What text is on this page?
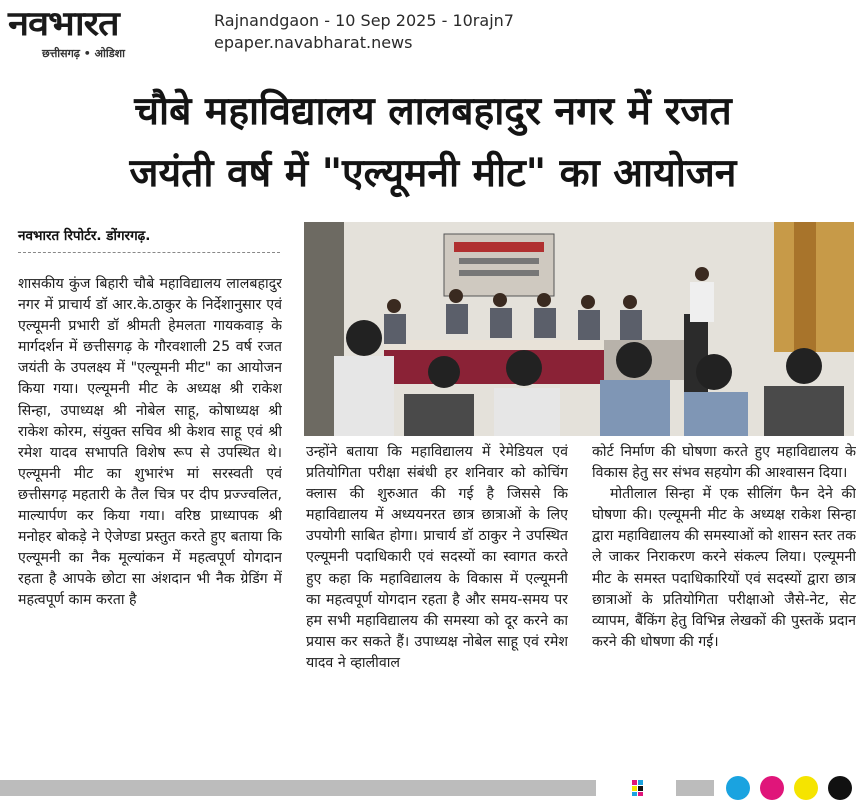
नवभारत
छत्तीसगढ़ • ओडिशा
Rajnandgaon - 10 Sep 2025 - 10rajn7
epaper.navabharat.news
चौबे महाविद्यालय लालबहादुर नगर में रजत
जयंती वर्ष में "एल्यूमनी मीट" का आयोजन
नवभारत रिपोर्टर. डोंगरगढ़.

शासकीय कुंज बिहारी चौबे महाविद्यालय लालबहादुर नगर में प्राचार्य डॉ आर.के.ठाकुर के निर्देशानुसार एवं एल्यूमनी प्रभारी डॉ श्रीमती हेमलता गायकवाड़ के मार्गदर्शन में छत्तीसगढ़ के गौरवशाली 25 वर्ष रजत जयंती के उपलक्ष्य में "एल्यूमनी मीट" का आयोजन किया गया। एल्यूमनी मीट के अध्यक्ष श्री राकेश सिन्हा, उपाध्यक्ष श्री नोबेल साहू, कोषाध्यक्ष श्री राकेश कोरम, संयुक्त सचिव श्री केशव साहू एवं श्री रमेश यादव सभापति विशेष रूप से उपस्थित थे। एल्यूमनी मीट का शुभारंभ मां सरस्वती एवं छत्तीसगढ़ महतारी के तैल चित्र पर दीप प्रज्ज्वलित, माल्यार्पण कर किया गया। वरिष्ठ प्राध्यापक श्री मनोहर बोकड़े ने ऐजेण्डा प्रस्तुत करते हुए बताया कि एल्यूमनी का नैक मूल्यांकन में महत्वपूर्ण योगदान रहता है आपके छोटा सा अंशदान भी नैक ग्रेडिंग में महत्वपूर्ण काम करता है

उन्होंने बताया कि महाविद्यालय में रेमेडियल एवं प्रतियोगिता परीक्षा संबंधी हर शनिवार को कोचिंग क्लास की शुरुआत की गई है जिससे कि महाविद्यालय में अध्ययनरत छात्र छात्राओं के लिए उपयोगी साबित होगा। प्राचार्य डॉ ठाकुर ने उपस्थित एल्यूमनी पदाधिकारी एवं सदस्यों का स्वागत करते हुए कहा कि महाविद्यालय के विकास में एल्यूमनी का महत्वपूर्ण योगदान रहता है और समय-समय पर हम सभी महाविद्यालय की समस्या को दूर करने का प्रयास कर सकते हैं। उपाध्यक्ष नोबेल साहू एवं रमेश यादव ने व्हालीवाल

कोर्ट निर्माण की घोषणा करते हुए महाविद्यालय के विकास हेतु सर संभव सहयोग की आश्वासन दिया।

मोतीलाल सिन्हा में एक सीलिंग फैन देने की घोषणा की। एल्यूमनी मीट के अध्यक्ष राकेश सिन्हा द्वारा महाविद्यालय की समस्याओं को शासन स्तर तक ले जाकर निराकरण करने संकल्प लिया। एल्यूमनी मीट के समस्त पदाधिकारियों एवं सदस्यों द्वारा छात्र छात्राओं के प्रतियोगिता परीक्षाओ जैसे-नेट, सेट व्यापम, बैंकिंग हेतु विभिन्न लेखकों की पुस्तकें प्रदान करने की धोषणा की गई।
